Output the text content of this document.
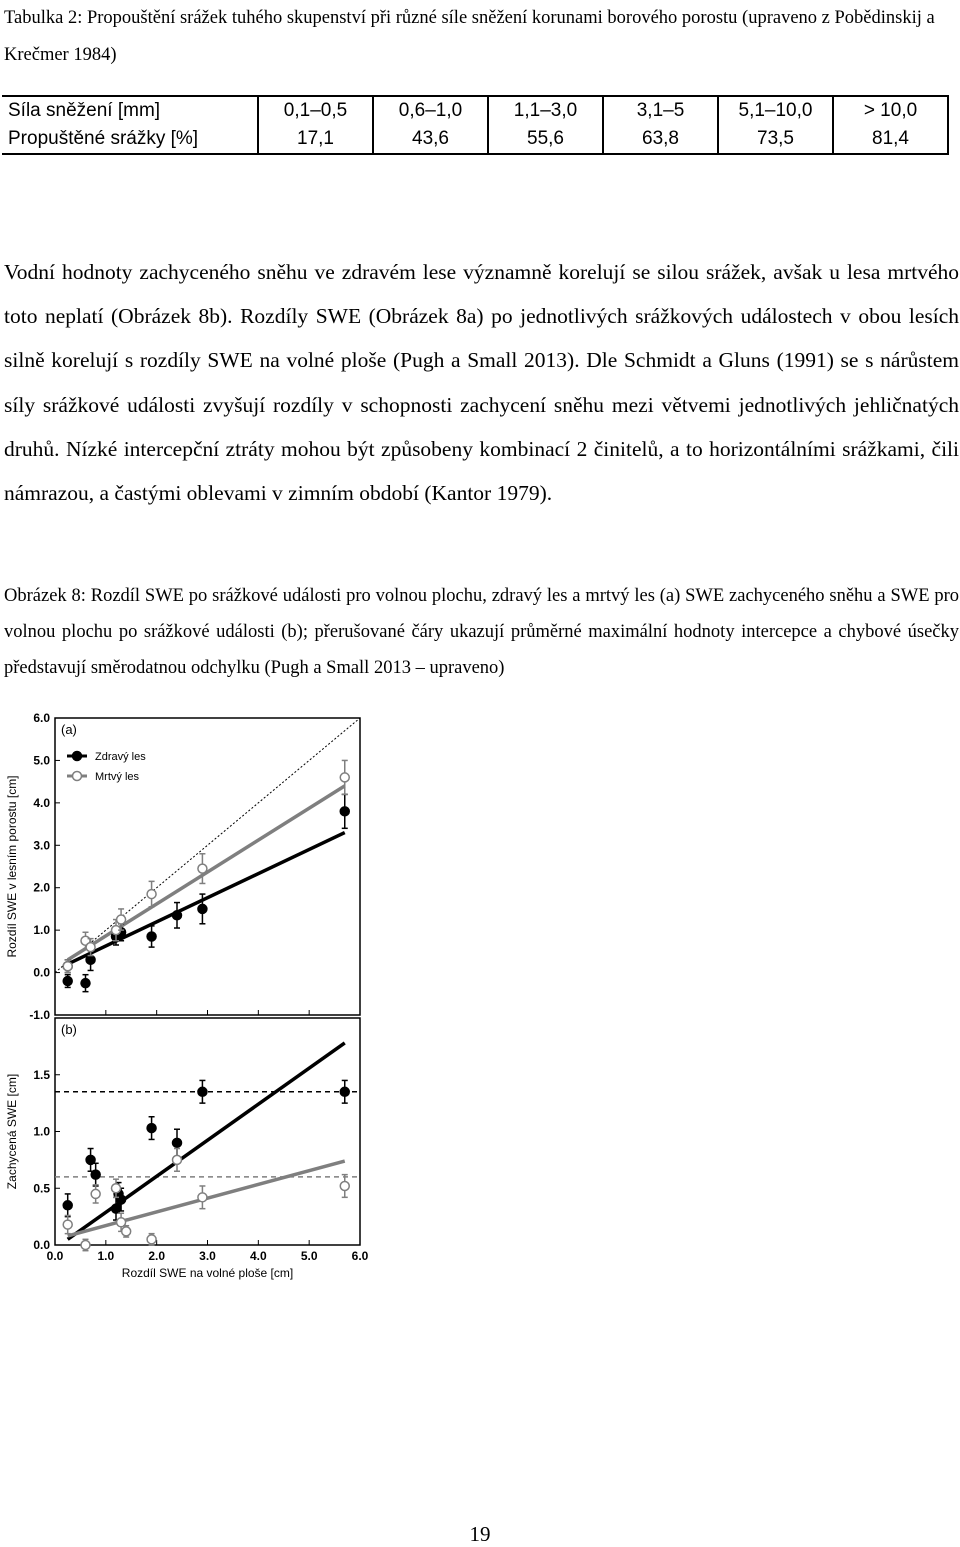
Tabulka 2: Propouštění srážek tuhého skupenství při různé síle sněžení korunami borového porostu (upraveno z Pobědinskij a Krečmer 1984)
Síla sněžení [mm]	0,1–0,5	0,6–1,0	1,1–3,0	3,1–5	5,1–10,0	> 10,0
Propuštěné srážky [%]	17,1	43,6	55,6	63,8	73,5	81,4
Vodní hodnoty zachyceného sněhu ve zdravém lese významně korelují se silou srážek, avšak u lesa mrtvého toto neplatí (Obrázek 8b). Rozdíly SWE (Obrázek 8a) po jednotlivých srážkových událostech v obou lesích silně korelují s rozdíly SWE na volné ploše (Pugh a Small 2013). Dle Schmidt a Gluns (1991) se s nárůstem síly srážkové události zvyšují rozdíly v schopnosti zachycení sněhu mezi větvemi jednotlivých jehličnatých druhů. Nízké intercepční ztráty mohou být způsobeny kombinací 2 činitelů, a to horizontálními srážkami, čili námrazou, a častými oblevami v zimním období (Kantor 1979).
Obrázek 8: Rozdíl SWE po srážkové události pro volnou plochu, zdravý les a mrtvý les (a) SWE zachyceného sněhu a SWE pro volnou plochu po srážkové události (b); přerušované čáry ukazují průměrné maximální hodnoty intercepce a chybové úsečky představují směrodatnou odchylku (Pugh a Small 2013 – upraveno)
(a)
-1.0
0.0
1.0
2.0
3.0
4.0
5.0
6.0
Rozdíl SWE v lesním porostu [cm]
Zdravý les
Mrtvý les
(b)
0.0
0.5
1.0
1.5
Zachycená SWE [cm]
0.0	1.0	2.0	3.0	4.0	5.0	6.0
Rozdíl SWE na volné ploše [cm]
19
